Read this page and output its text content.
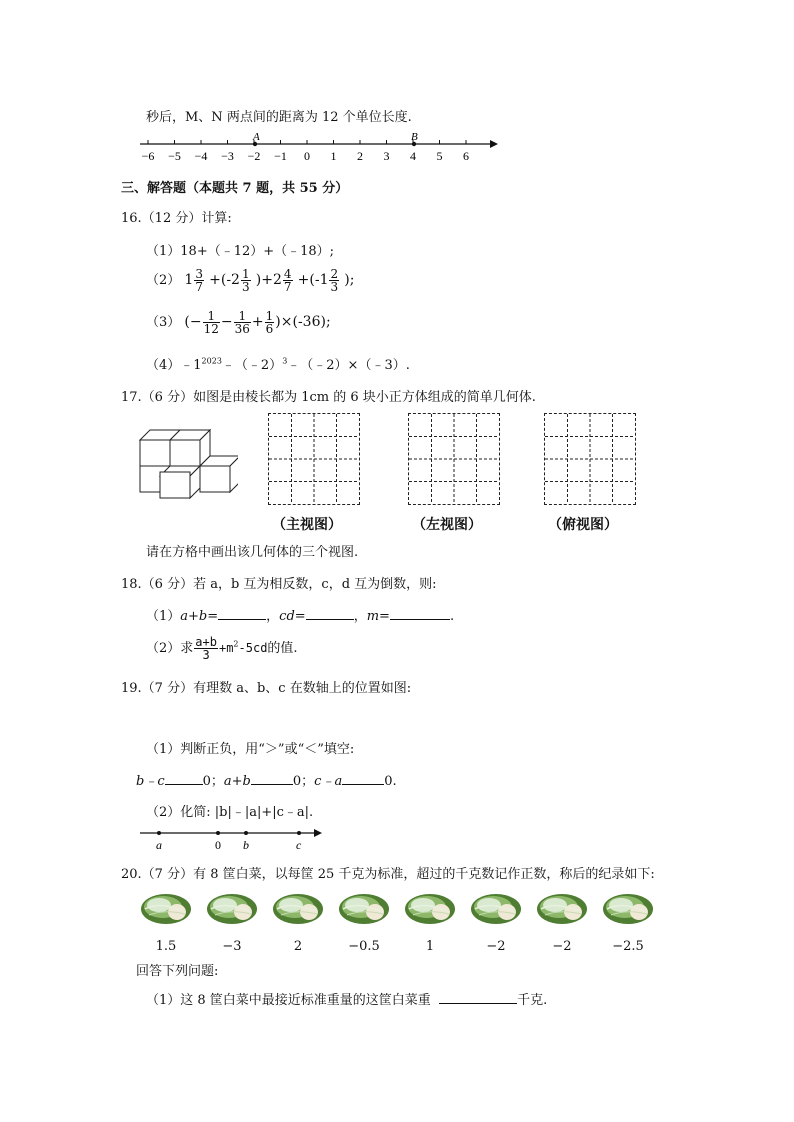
秒后，M、N 两点间的距离为 12 个单位长度.
−6 −5 −4 −3 −2 −1 0 1 2 3 4 5 6
A	B
三、解答题（本题共 7 题，共 55 分）
16.（12 分）计算:
（1）18+（﹣12）+（﹣18）;
（2） $1 \frac{3}{7} +(-2 \frac{1}{3} )+2 \frac{4}{7} +(-1 \frac{2}{3}$ );
（3） (− $\frac{1}{12} - \frac{1}{36} + \frac{1}{6} )\times(-36)$;
$(4)﹣1^{2023}﹣(﹣2)^3﹣(﹣2)\times(﹣3)$.
17.（6 分）如图是由棱长都为 1cm 的 6 块小正方体组成的简单几何体.
（主视图）	（左视图）	（俯视图）
请在方格中画出该几何体的三个视图.
18.（6 分）若 a，b 互为相反数，c，d 互为倒数，则:
（1）a+b=	，cd=	，m=	.
（2）求 $\frac{a+b}{3} +m^2-5cd$的值.
19.（7 分）有理数 a、b、c 在数轴上的位置如图:
（1）判断正负，用“＞”或“＜”填空:
b﹣c	0；a+b	0；c﹣a	0.
（2）化简: |b|﹣|a|+|c﹣a|.
a	0 b	c
20.（7 分）有 8 筐白菜，以每筐 25 千克为标准，超过的千克数记作正数，称后的纪录如下:
1.5	−3	2	−0.5	1	−2	−2	−2.5
回答下列问题:
（1）这 8 筐白菜中最接近标准重量的这筐白菜重	千克.
